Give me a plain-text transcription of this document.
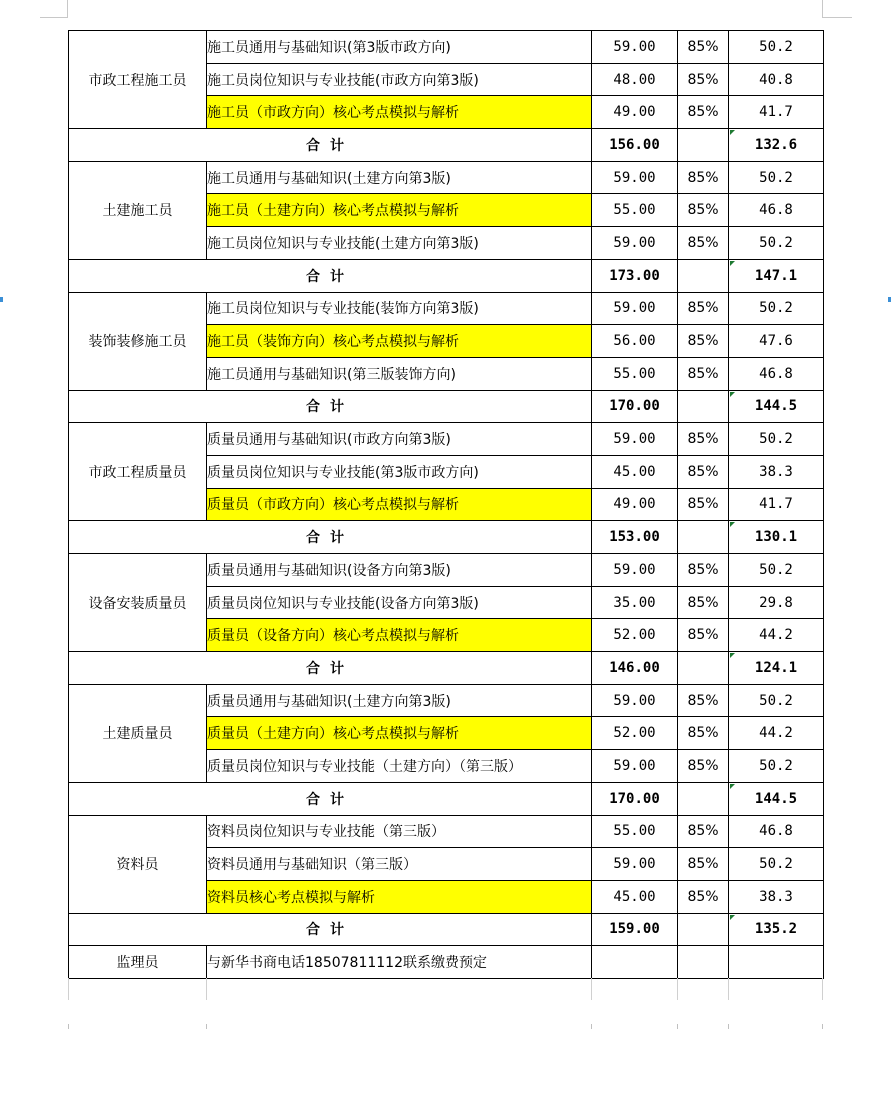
市政工程施工员	施工员通用与基础知识(第3版市政方向)	59.00	85%	50.2
	施工员岗位知识与专业技能(市政方向第3版)	48.00	85%	40.8
	施工员（市政方向）核心考点模拟与解析	49.00	85%	41.7
合计		156.00		132.6
土建施工员	施工员通用与基础知识(土建方向第3版)	59.00	85%	50.2
	施工员（土建方向）核心考点模拟与解析	55.00	85%	46.8
	施工员岗位知识与专业技能(土建方向第3版)	59.00	85%	50.2
合计		173.00		147.1
装饰装修施工员	施工员岗位知识与专业技能(装饰方向第3版)	59.00	85%	50.2
	施工员（装饰方向）核心考点模拟与解析	56.00	85%	47.6
	施工员通用与基础知识(第三版装饰方向)	55.00	85%	46.8
合计		170.00		144.5
市政工程质量员	质量员通用与基础知识(市政方向第3版)	59.00	85%	50.2
	质量员岗位知识与专业技能(第3版市政方向)	45.00	85%	38.3
	质量员（市政方向）核心考点模拟与解析	49.00	85%	41.7
合计		153.00		130.1
设备安装质量员	质量员通用与基础知识(设备方向第3版)	59.00	85%	50.2
	质量员岗位知识与专业技能(设备方向第3版)	35.00	85%	29.8
	质量员（设备方向）核心考点模拟与解析	52.00	85%	44.2
合计		146.00		124.1
土建质量员	质量员通用与基础知识(土建方向第3版)	59.00	85%	50.2
	质量员（土建方向）核心考点模拟与解析	52.00	85%	44.2
	质量员岗位知识与专业技能（土建方向）（第三版）	59.00	85%	50.2
合计		170.00		144.5
资料员	资料员岗位知识与专业技能（第三版）	55.00	85%	46.8
	资料员通用与基础知识（第三版）	59.00	85%	50.2
	资料员核心考点模拟与解析	45.00	85%	38.3
合计		159.00		135.2
监理员	与新华书商电话18507811112联系缴费预定			
